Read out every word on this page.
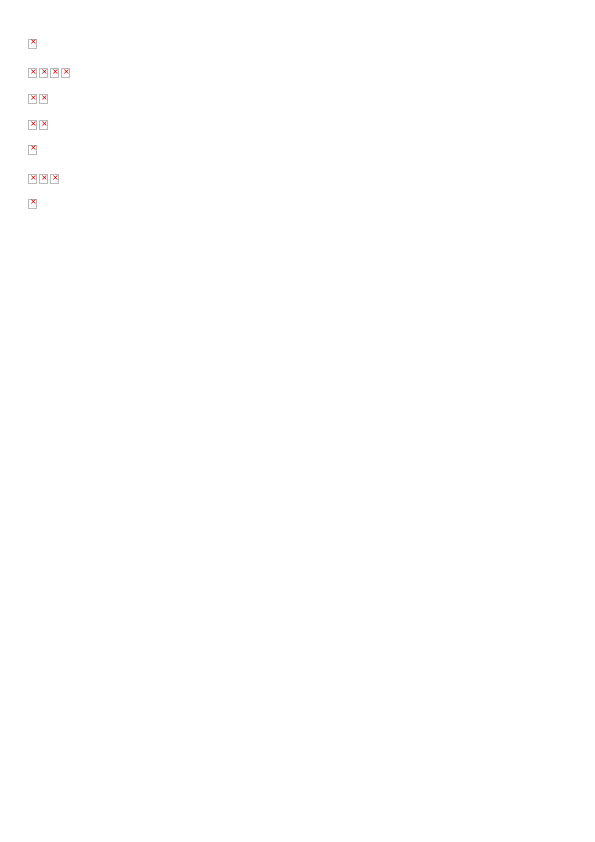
×
××××
××
××

×
×××

×
